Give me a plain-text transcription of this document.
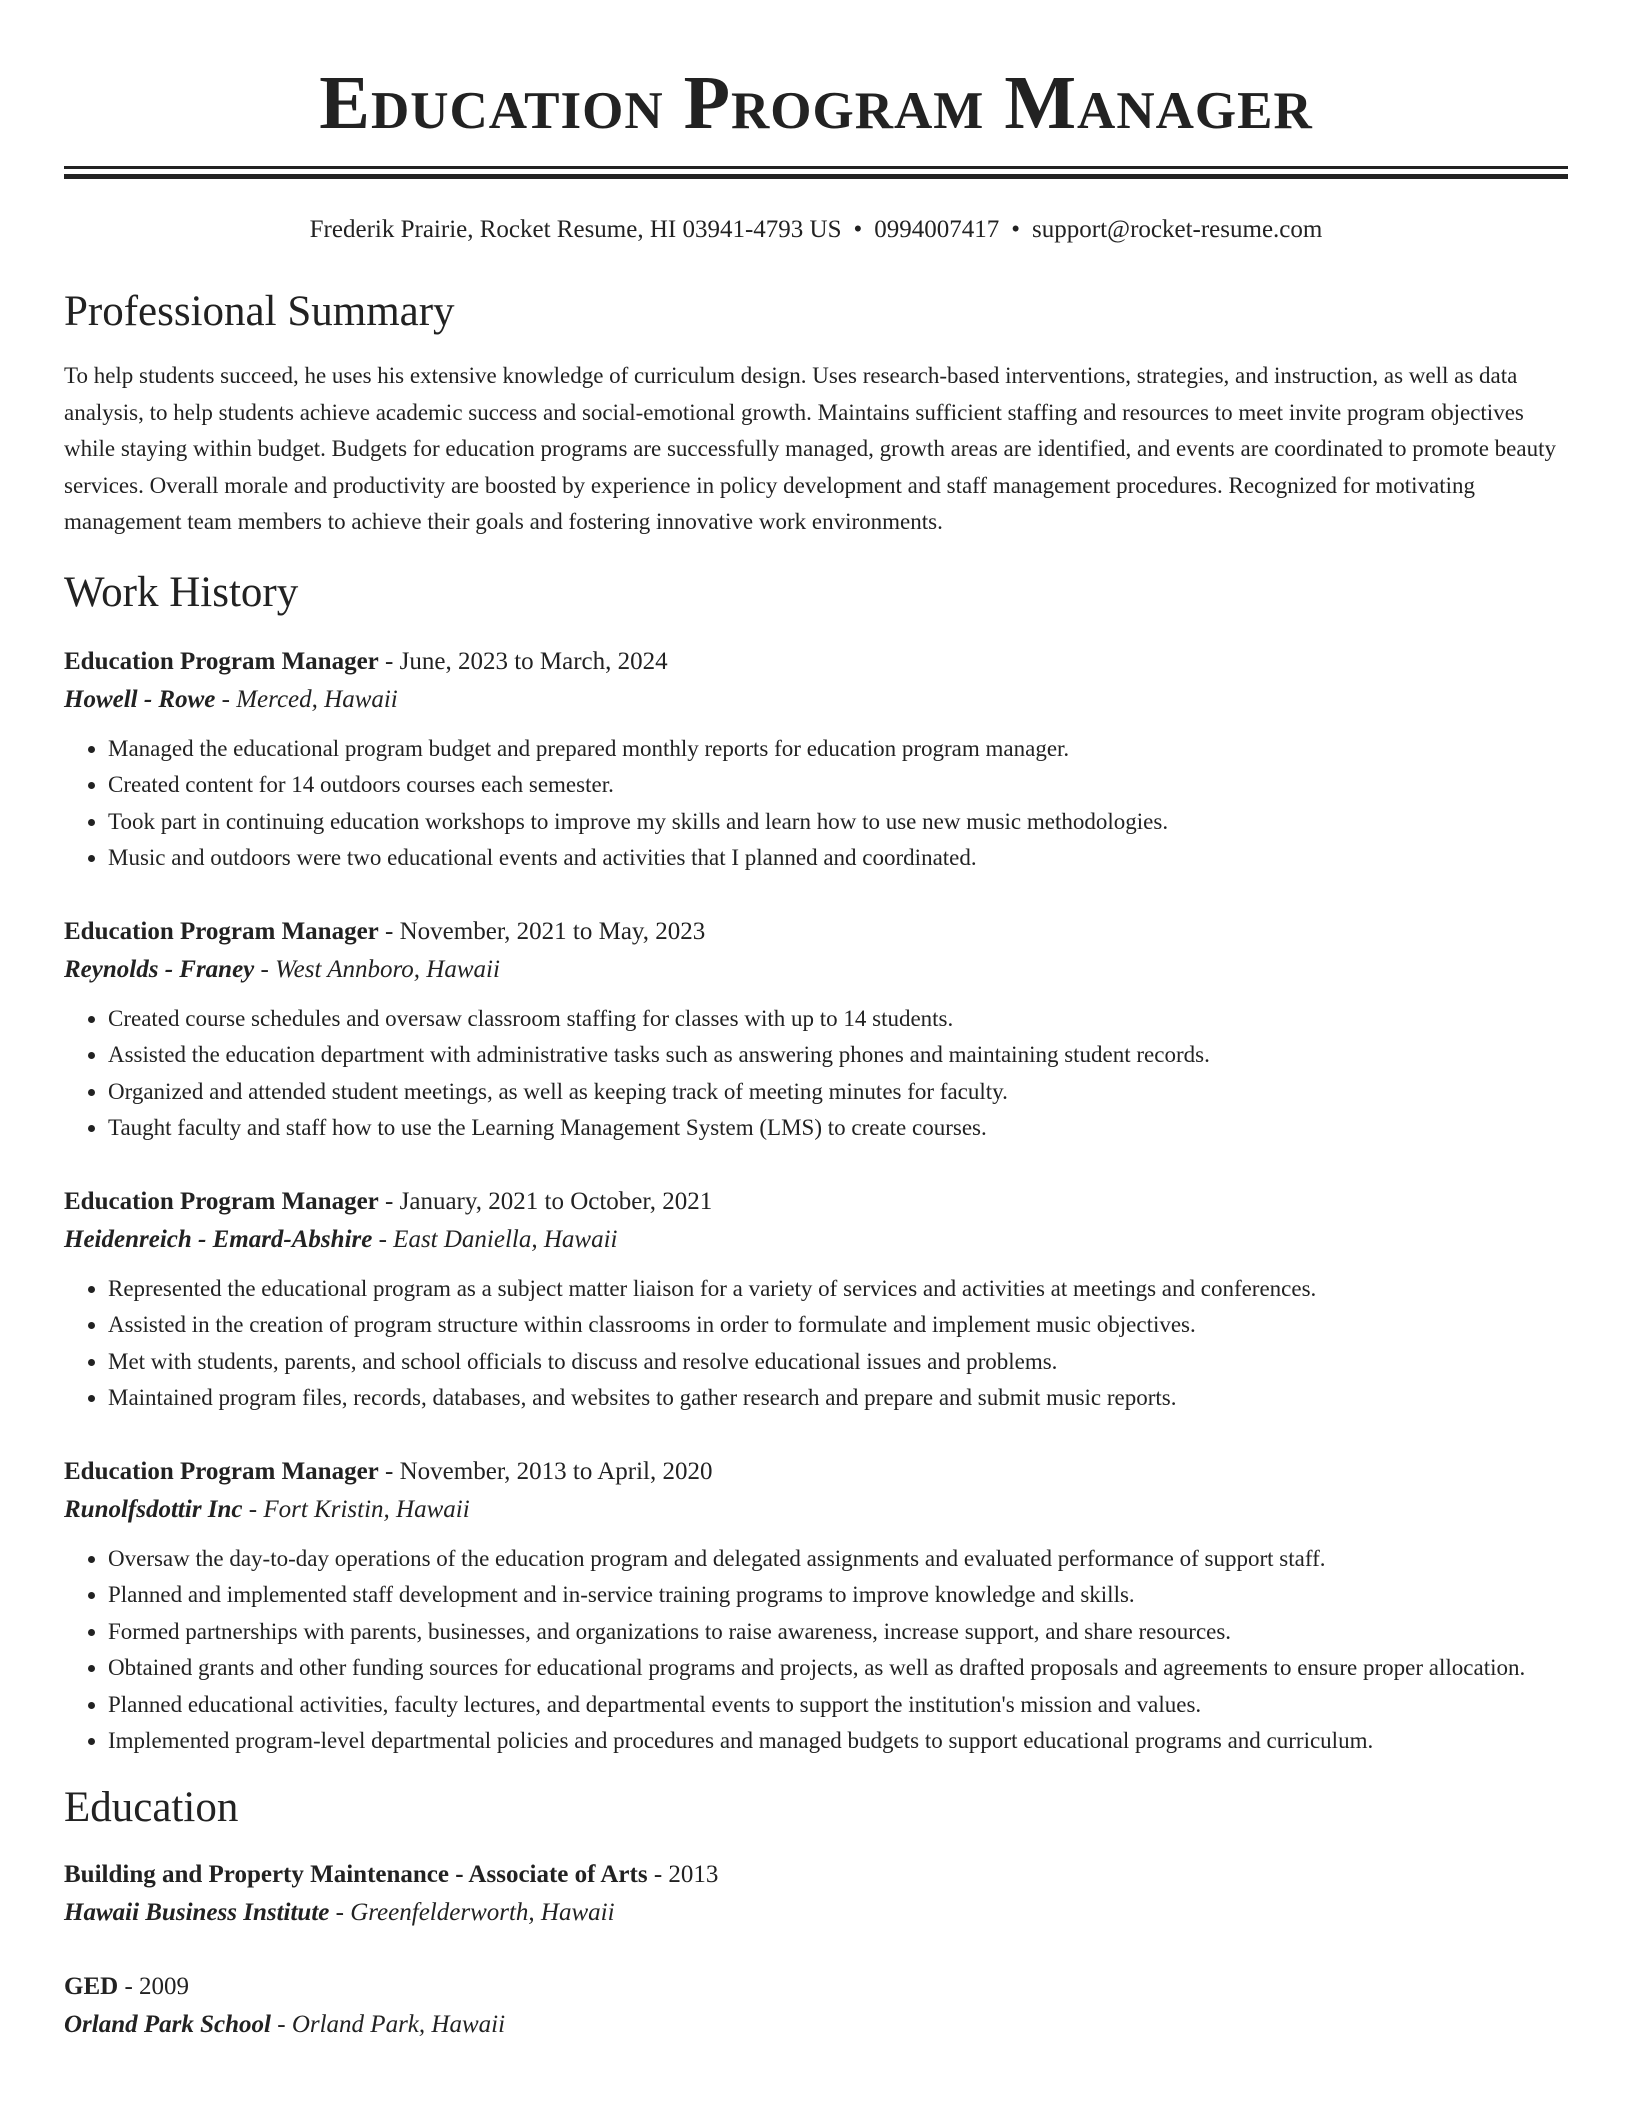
Education Program Manager
Frederik Prairie, Rocket Resume, HI 03941-4793 US • 0994007417 • support@rocket-resume.com
Professional Summary
To help students succeed, he uses his extensive knowledge of curriculum design. Uses research-based interventions, strategies, and instruction, as well as data analysis, to help students achieve academic success and social-emotional growth. Maintains sufficient staffing and resources to meet invite program objectives while staying within budget. Budgets for education programs are successfully managed, growth areas are identified, and events are coordinated to promote beauty services. Overall morale and productivity are boosted by experience in policy development and staff management procedures. Recognized for motivating management team members to achieve their goals and fostering innovative work environments.
Work History
Education Program Manager - June, 2023 to March, 2024
Howell - Rowe - Merced, Hawaii
• Managed the educational program budget and prepared monthly reports for education program manager.
• Created content for 14 outdoors courses each semester.
• Took part in continuing education workshops to improve my skills and learn how to use new music methodologies.
• Music and outdoors were two educational events and activities that I planned and coordinated.
Education Program Manager - November, 2021 to May, 2023
Reynolds - Franey - West Annboro, Hawaii
• Created course schedules and oversaw classroom staffing for classes with up to 14 students.
• Assisted the education department with administrative tasks such as answering phones and maintaining student records.
• Organized and attended student meetings, as well as keeping track of meeting minutes for faculty.
• Taught faculty and staff how to use the Learning Management System (LMS) to create courses.
Education Program Manager - January, 2021 to October, 2021
Heidenreich - Emard-Abshire - East Daniella, Hawaii
• Represented the educational program as a subject matter liaison for a variety of services and activities at meetings and conferences.
• Assisted in the creation of program structure within classrooms in order to formulate and implement music objectives.
• Met with students, parents, and school officials to discuss and resolve educational issues and problems.
• Maintained program files, records, databases, and websites to gather research and prepare and submit music reports.
Education Program Manager - November, 2013 to April, 2020
Runolfsdottir Inc - Fort Kristin, Hawaii
• Oversaw the day-to-day operations of the education program and delegated assignments and evaluated performance of support staff.
• Planned and implemented staff development and in-service training programs to improve knowledge and skills.
• Formed partnerships with parents, businesses, and organizations to raise awareness, increase support, and share resources.
• Obtained grants and other funding sources for educational programs and projects, as well as drafted proposals and agreements to ensure proper allocation.
• Planned educational activities, faculty lectures, and departmental events to support the institution's mission and values.
• Implemented program-level departmental policies and procedures and managed budgets to support educational programs and curriculum.
Education
Building and Property Maintenance - Associate of Arts - 2013
Hawaii Business Institute - Greenfelderworth, Hawaii
GED - 2009
Orland Park School - Orland Park, Hawaii
